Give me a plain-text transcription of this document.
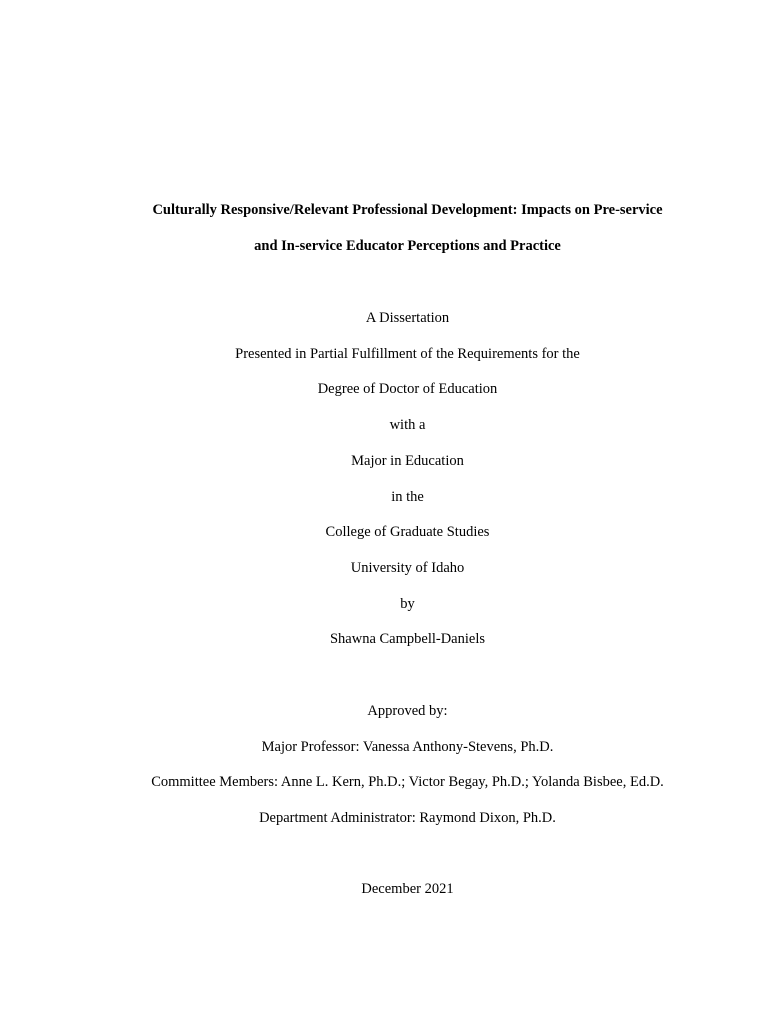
Culturally Responsive/Relevant Professional Development: Impacts on Pre-service
and In-service Educator Perceptions and Practice
A Dissertation
Presented in Partial Fulfillment of the Requirements for the
Degree of Doctor of Education
with a
Major in Education
in the
College of Graduate Studies
University of Idaho
by
Shawna Campbell-Daniels
Approved by:
Major Professor: Vanessa Anthony-Stevens, Ph.D.
Committee Members: Anne L. Kern, Ph.D.; Victor Begay, Ph.D.; Yolanda Bisbee, Ed.D.
Department Administrator: Raymond Dixon, Ph.D.
December 2021
